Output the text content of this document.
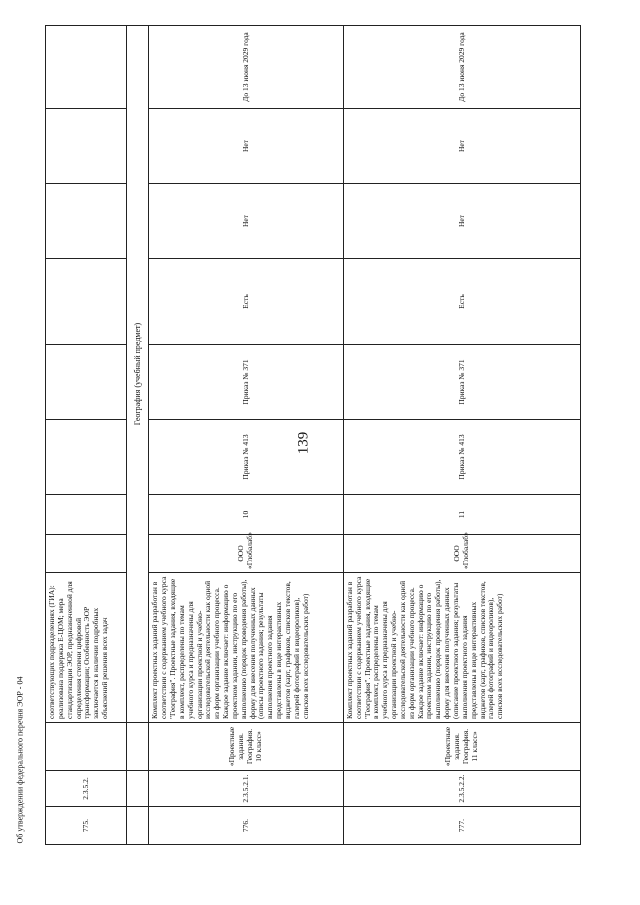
139
Об утверждении федерального перечня ЭОР - 04	775.	2.3.5.2.		соответствующих подразделениях (ГИА): реализована поддержка Е-ЦОМ; мера стандартизации ЭОР, предназначенной для определения степени цифровой трансформации; Особенность ЭОР заключается в наличии подробных объяснений решения всех задач								
			География (учебный предмет)								
776.	2.3.5.2.1.	«Проектные задания. География. 10 класс»	Комплект проектных заданий разработан в соответствии с содержанием учебного курса "География". Проектные задания, входящие в комплект, распределены по темам учебного курса и предназначены для организации проектной и учебно-исследовательской деятельности как одной из форм организации учебного процесса. Каждое задание включает: информацию о проектном задании, инструкцию по его выполнению (порядок проведения работы), форму для внесения полученных данных (описы проектного задания; результаты выполнения проектного задания представлены в виде интерактивных виджетов (карт, графиков, списков текстов, галерей фотографий и видеороликов), списков всех исследовательских работ)	ООО «Глобалаб»	10	Приказ № 413	Приказ № 371	Есть	Нет	Нет	До 13 июня 2029 года
777.	2.3.5.2.2.	«Проектные задания. География. 11 класс»	Комплект проектных заданий разработан в соответствии с содержанием учебного курса "География". Проектные задания, входящие в комплект, распределены по темам учебного курса и предназначены для организации проектной и учебно-исследовательской деятельности как одной из форм организации учебного процесса. Каждое задание включает: информацию о проектном задании, инструкцию по его выполнению (порядок проведения работы), форму для внесения полученных данных (описание проектного задания; результаты выполнения проектного задания представлены в виде интерактивных виджетов (карт, графиков, списков текстов, галерей фотографий и видеороликов), списков всех исследовательских работ)	ООО «Глобалаб»	11	Приказ № 413	Приказ № 371	Есть	Нет	Нет	До 13 июня 2029 года
